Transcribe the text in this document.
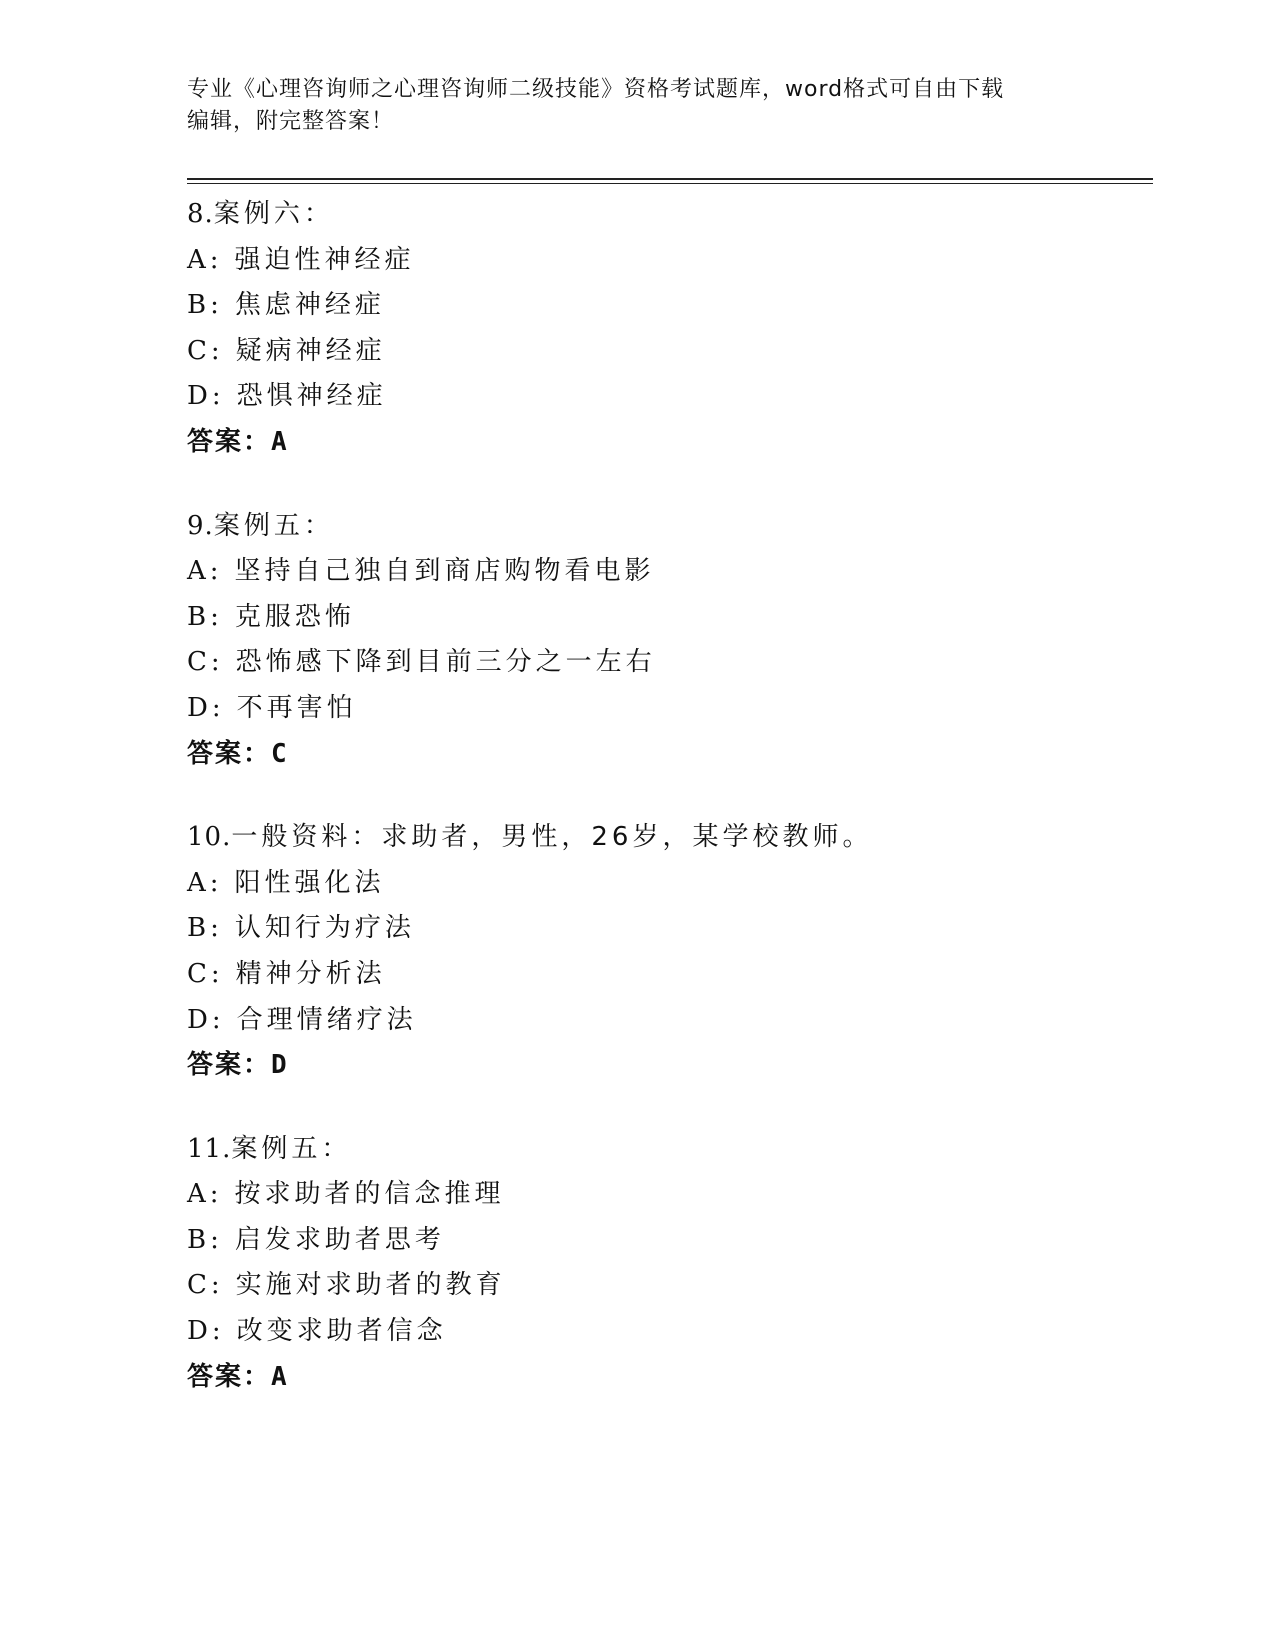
专业《心理咨询师之心理咨询师二级技能》资格考试题库，word格式可自由下载
编辑，附完整答案！
8.案例六：
A: 强迫性神经症
B: 焦虑神经症
C: 疑病神经症
D: 恐惧神经症
答案：A
9.案例五：
A: 坚持自己独自到商店购物看电影
B: 克服恐怖
C: 恐怖感下降到目前三分之一左右
D: 不再害怕
答案：C
10.一般资料：求助者，男性，26岁，某学校教师。
A: 阳性强化法
B: 认知行为疗法
C: 精神分析法
D: 合理情绪疗法
答案：D
11.案例五：
A: 按求助者的信念推理
B: 启发求助者思考
C: 实施对求助者的教育
D: 改变求助者信念
答案：A
